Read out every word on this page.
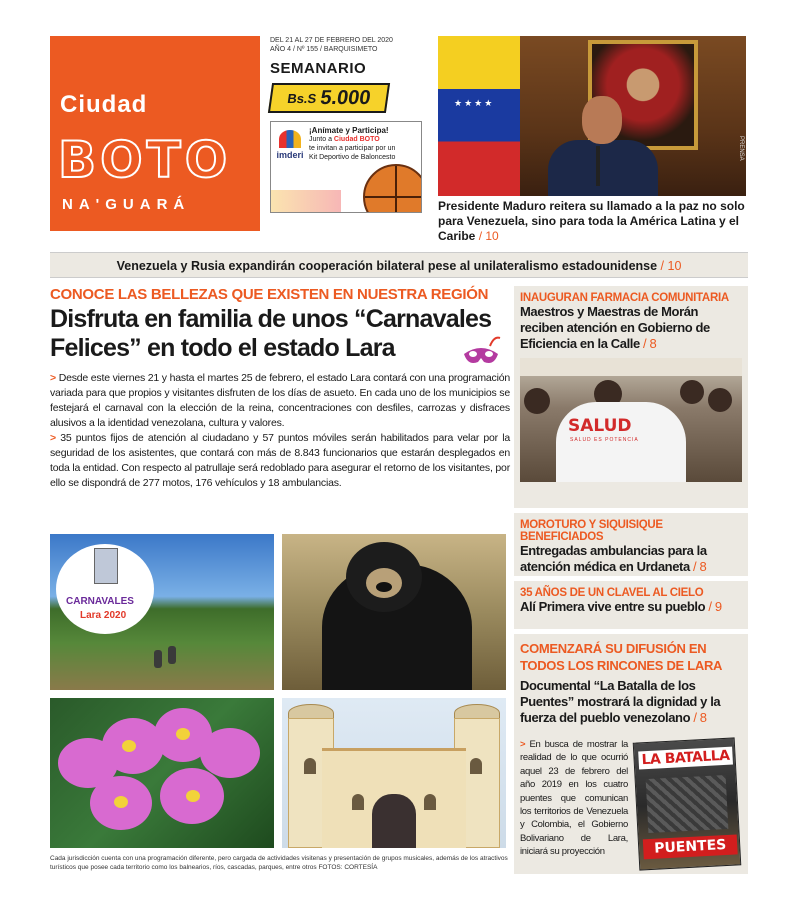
Ciudad
BOTO
NA'GUARÁ
DEL 21 AL 27 DE FEBRERO DEL 2020
AÑO 4 / Nº 155 / BARQUISIMETO
SEMANARIO
Bs.S 5.000
imderi
¡Anímate y Participa!
Junto a Ciudad BOTO
te invitan a participar por un
Kit Deportivo de Baloncesto
★★★★
PRENSA
Presidente Maduro reitera su llamado a la paz no solo para Venezuela, sino para toda la América Latina y el Caribe / 10
Venezuela y Rusia expandirán cooperación bilateral pese al unilateralismo estadounidense / 10
CONOCE LAS BELLEZAS QUE EXISTEN EN NUESTRA REGIÓN
Disfruta en familia de unos “Carnavales Felices” en todo el estado Lara

> Desde este viernes 21 y hasta el martes 25 de febrero, el estado Lara contará con una programación variada para que propios y visitantes disfruten de los días de asueto. En cada uno de los municipios se festejará el carnaval con la elección de la reina, concentraciones con desfiles, carrozas y disfraces alusivos a la identidad venezolana, cultura y valores.

> 35 puntos fijos de atención al ciudadano y 57 puntos móviles serán habilitados para velar por la seguridad de los asistentes, que contará con más de 8.843 funcionarios que estarán desplegados en toda la entidad. Con respecto al patrullaje será redoblado para asegurar el retorno de los visitantes, por ello se dispondrá de 277 motos, 176 vehículos y 18 ambulancias.

CARNAVALES
Lara 2020
Cada jurisdicción cuenta con una programación diferente, pero cargada de actividades visitenas y presentación de grupos musicales, además de los atractivos turísticos que posee cada territorio como los balnearios, ríos, cascadas, parques, entre otros FOTOS: CORTESÍA
INAUGURAN FARMACIA COMUNITARIA
Maestros y Maestras de Morán reciben atención en Gobierno de Eficiencia en la Calle / 8
SALUD
SALUD ES POTENCIA
MOROTURO Y SIQUISIQUE BENEFICIADOS
Entregadas ambulancias para la atención médica en Urdaneta / 8
35 AÑOS DE UN CLAVEL AL CIELO
Alí Primera vive entre su pueblo / 9
COMENZARÁ SU DIFUSIÓN EN TODOS LOS RINCONES DE LARA
Documental “La Batalla de los Puentes” mostrará la dignidad y la fuerza del pueblo venezolano / 8
> En busca de mostrar la realidad de lo que ocurrió aquel 23 de febrero del año 2019 en los cuatro puentes que comunican los territorios de Venezuela y Colombia, el Gobierno Bolivariano de Lara, iniciará su proyección
LA BATALLA
PUENTES
